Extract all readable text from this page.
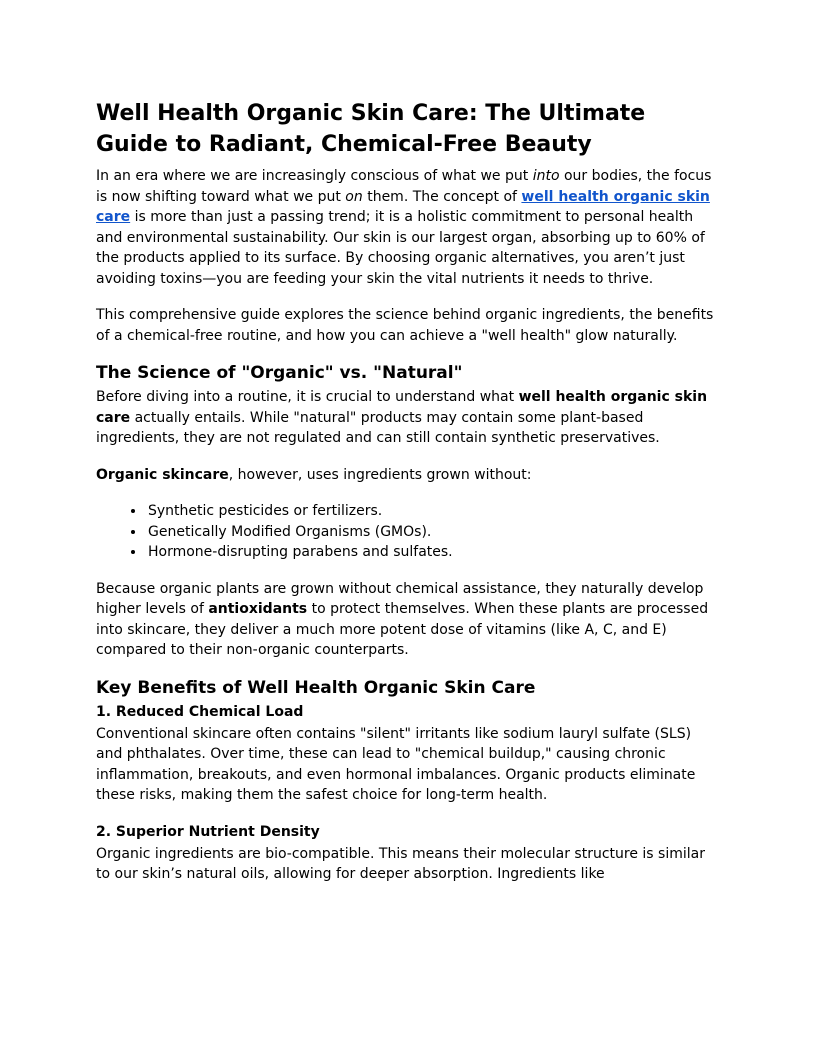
Well Health Organic Skin Care: The Ultimate Guide to Radiant, Chemical-Free Beauty

In an era where we are increasingly conscious of what we put into our bodies, the focus is now shifting toward what we put on them. The concept of well health organic skin care is more than just a passing trend; it is a holistic commitment to personal health and environmental sustainability. Our skin is our largest organ, absorbing up to 60% of the products applied to its surface. By choosing organic alternatives, you aren’t just avoiding toxins—you are feeding your skin the vital nutrients it needs to thrive.

This comprehensive guide explores the science behind organic ingredients, the benefits of a chemical-free routine, and how you can achieve a "well health" glow naturally.

The Science of "Organic" vs. "Natural"

Before diving into a routine, it is crucial to understand what well health organic skin care actually entails. While "natural" products may contain some plant-based ingredients, they are not regulated and can still contain synthetic preservatives.

Organic skincare, however, uses ingredients grown without:

• Synthetic pesticides or fertilizers.
• Genetically Modified Organisms (GMOs).
• Hormone-disrupting parabens and sulfates.

Because organic plants are grown without chemical assistance, they naturally develop higher levels of antioxidants to protect themselves. When these plants are processed into skincare, they deliver a much more potent dose of vitamins (like A, C, and E) compared to their non-organic counterparts.

Key Benefits of Well Health Organic Skin Care
1. Reduced Chemical Load

Conventional skincare often contains "silent" irritants like sodium lauryl sulfate (SLS) and phthalates. Over time, these can lead to "chemical buildup," causing chronic inflammation, breakouts, and even hormonal imbalances. Organic products eliminate these risks, making them the safest choice for long-term health.

2. Superior Nutrient Density

Organic ingredients are bio-compatible. This means their molecular structure is similar to our skin’s natural oils, allowing for deeper absorption. Ingredients like
